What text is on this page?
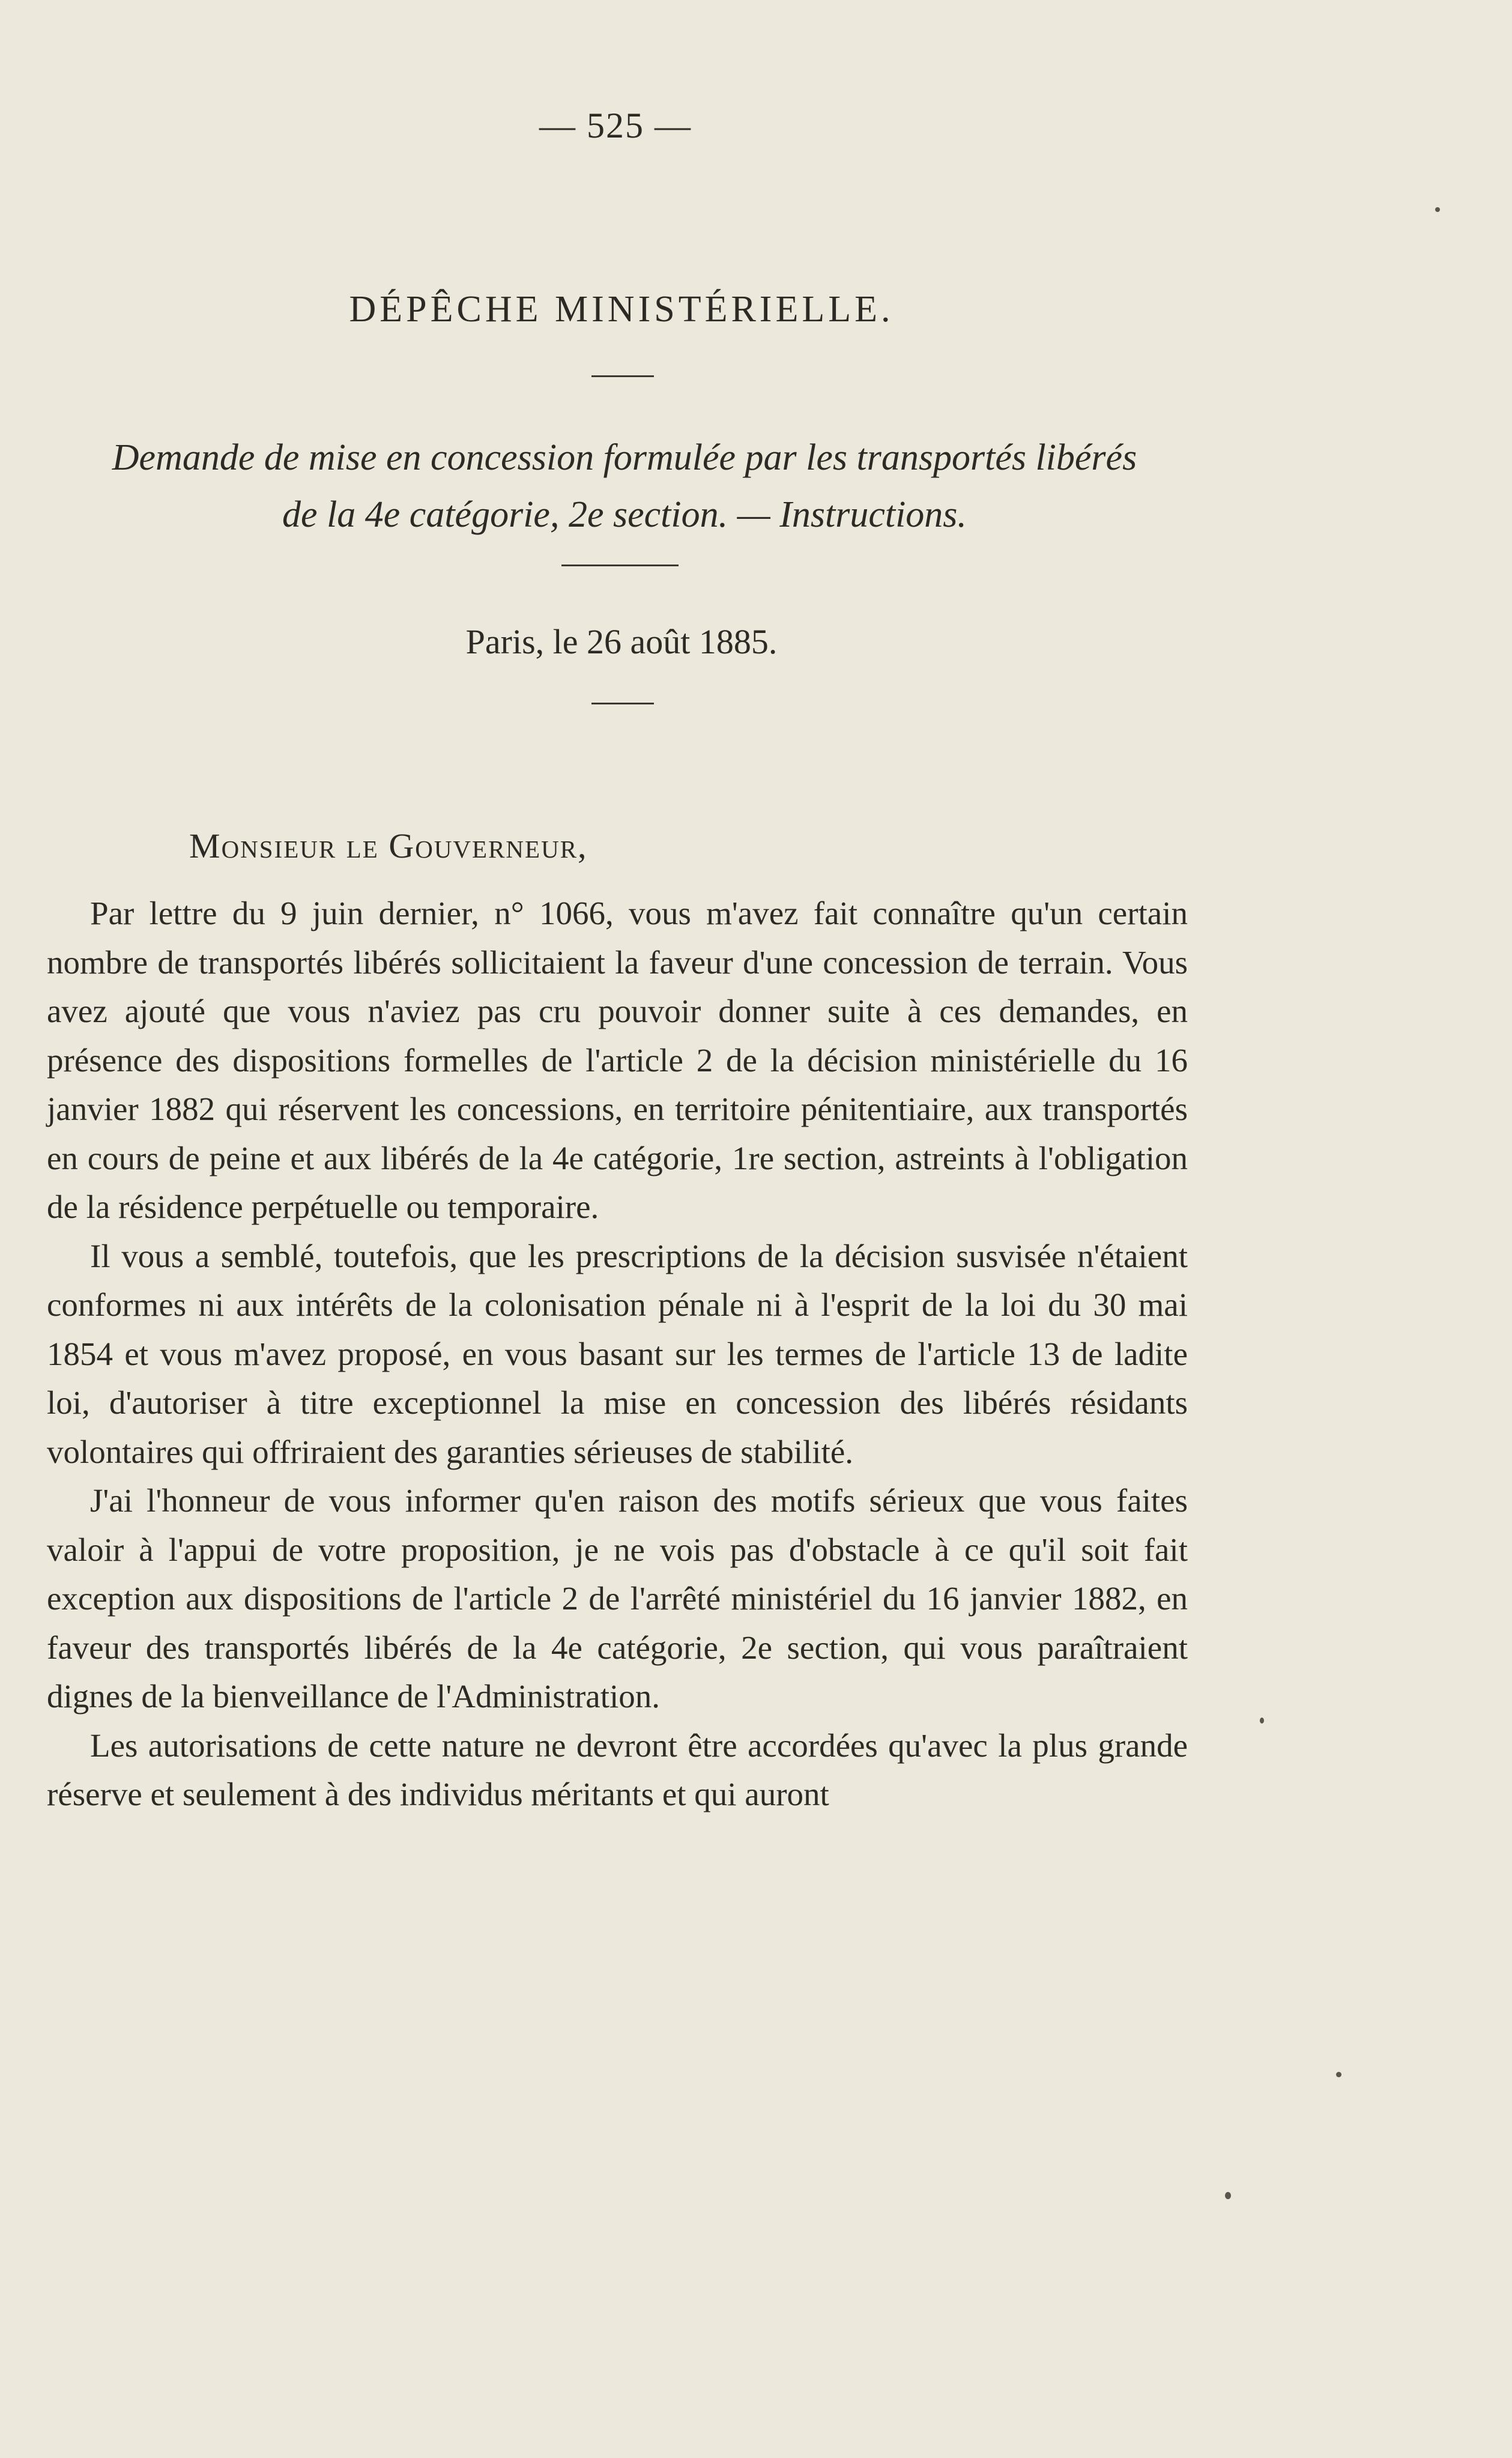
— 525 —
DÉPÊCHE MINISTÉRIELLE.
Demande de mise en concession formulée par les transportés libérés
de la 4e catégorie, 2e section. — Instructions.
Paris, le 26 août 1885.
Monsieur le Gouverneur,

Par lettre du 9 juin dernier, n° 1066, vous m'avez fait connaître qu'un certain nombre de transportés libérés sollicitaient la faveur d'une concession de terrain. Vous avez ajouté que vous n'aviez pas cru pouvoir donner suite à ces demandes, en présence des dispositions formelles de l'article 2 de la décision ministérielle du 16 janvier 1882 qui réservent les concessions, en territoire pénitentiaire, aux transportés en cours de peine et aux libérés de la 4e catégorie, 1re section, astreints à l'obligation de la résidence perpétuelle ou temporaire.

Il vous a semblé, toutefois, que les prescriptions de la décision susvisée n'étaient conformes ni aux intérêts de la colonisation pénale ni à l'esprit de la loi du 30 mai 1854 et vous m'avez proposé, en vous basant sur les termes de l'article 13 de ladite loi, d'autoriser à titre exceptionnel la mise en concession des libérés résidants volontaires qui offriraient des garanties sérieuses de stabilité.

J'ai l'honneur de vous informer qu'en raison des motifs sérieux que vous faites valoir à l'appui de votre proposition, je ne vois pas d'obstacle à ce qu'il soit fait exception aux dispositions de l'article 2 de l'arrêté ministériel du 16 janvier 1882, en faveur des transportés libérés de la 4e catégorie, 2e section, qui vous paraîtraient dignes de la bienveillance de l'Administration.

Les autorisations de cette nature ne devront être accordées qu'avec la plus grande réserve et seulement à des individus méritants et qui auront
